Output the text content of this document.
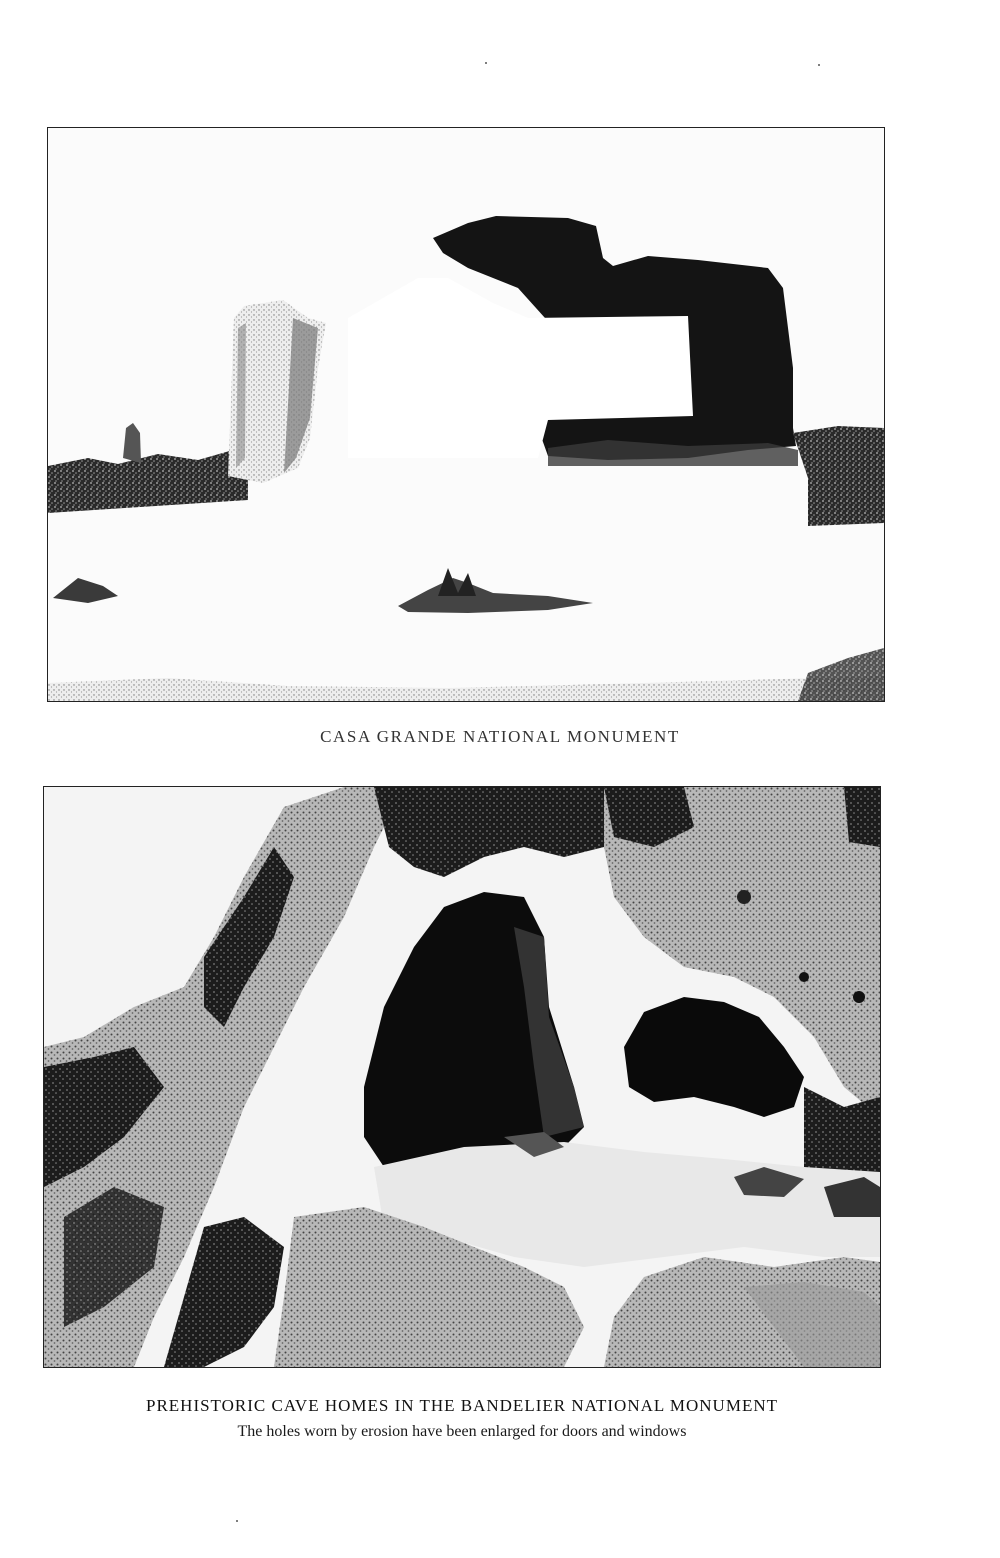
CASA GRANDE NATIONAL MONUMENT
PREHISTORIC CAVE HOMES IN THE BANDELIER NATIONAL MONUMENT
The holes worn by erosion have been enlarged for doors and windows
